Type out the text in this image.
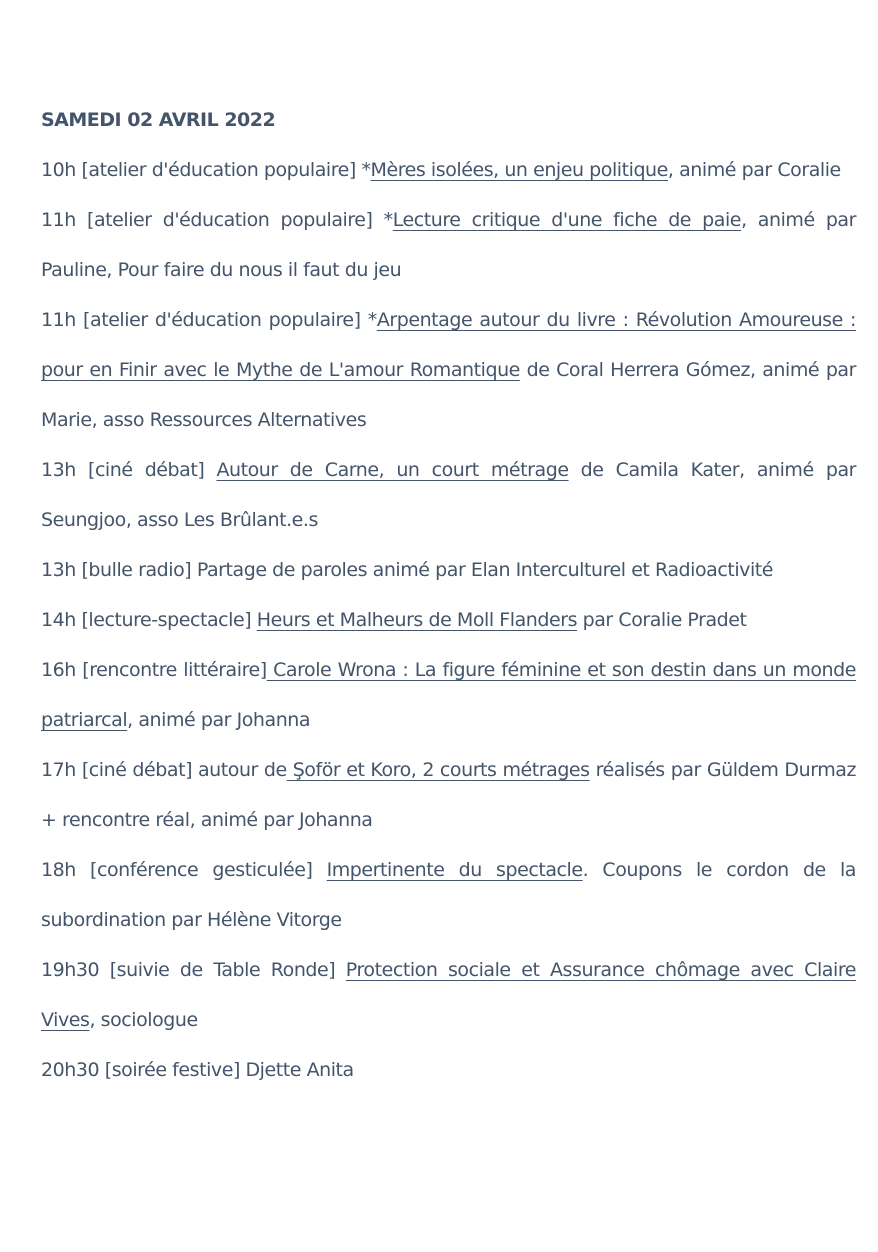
SAMEDI 02 AVRIL 2022

10h [atelier d'éducation populaire] *Mères isolées, un enjeu politique, animé par Coralie

11h [atelier d'éducation populaire] *Lecture critique d'une fiche de paie, animé par Pauline, Pour faire du nous il faut du jeu

11h [atelier d'éducation populaire] *Arpentage autour du livre : Révolution Amoureuse : pour en Finir avec le Mythe de L'amour Romantique de Coral Herrera Gómez, animé par Marie, asso Ressources Alternatives

13h [ciné débat] Autour de Carne, un court métrage de Camila Kater, animé par Seungjoo, asso Les Brûlant.e.s

13h [bulle radio] Partage de paroles animé par Elan Interculturel et Radioactivité

14h [lecture-spectacle] Heurs et Malheurs de Moll Flanders par Coralie Pradet

16h [rencontre littéraire] Carole Wrona : La figure féminine et son destin dans un monde patriarcal, animé par Johanna

17h [ciné débat] autour de Şoför et Koro, 2 courts métrages réalisés par Güldem Durmaz + rencontre réal, animé par Johanna

18h [conférence gesticulée] Impertinente du spectacle. Coupons le cordon de la subordination par Hélène Vitorge

19h30 [suivie de Table Ronde] Protection sociale et Assurance chômage avec Claire Vives, sociologue

20h30 [soirée festive] Djette Anita
